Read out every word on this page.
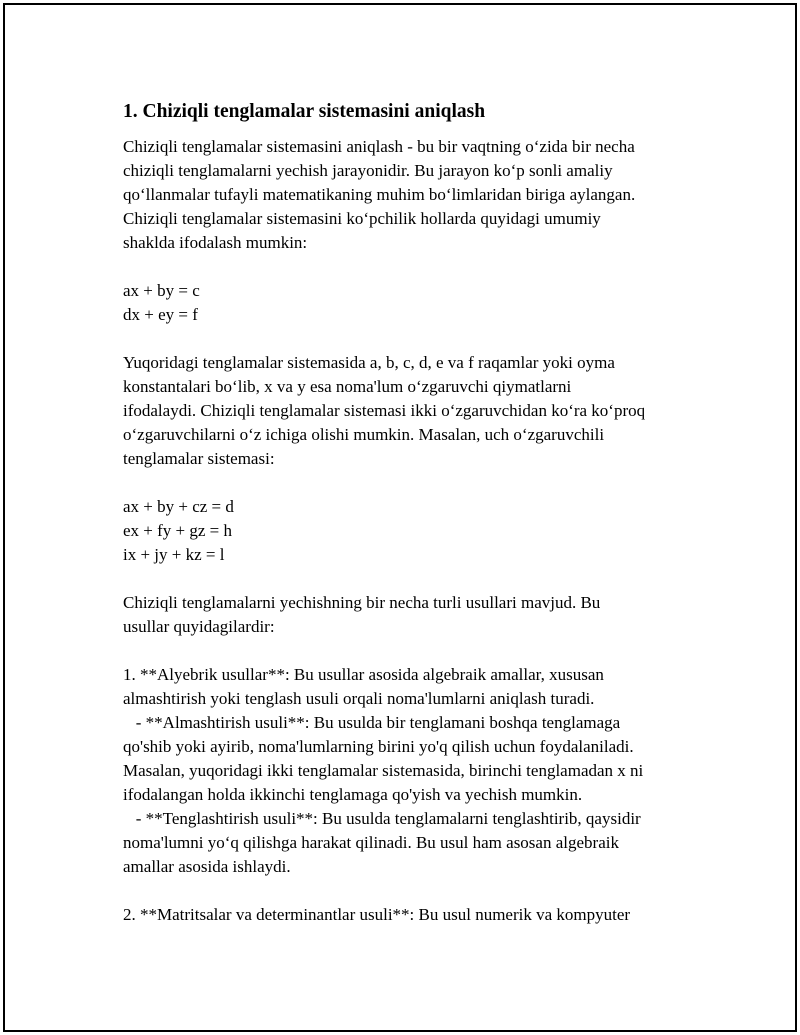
1. Chiziqli tenglamalar sistemasini aniqlash
Chiziqli tenglamalar sistemasini aniqlash - bu bir vaqtning o‘zida bir necha
chiziqli tenglamalarni yechish jarayonidir. Bu jarayon ko‘p sonli amaliy
qo‘llanmalar tufayli matematikaning muhim bo‘limlaridan biriga aylangan.
Chiziqli tenglamalar sistemasini ko‘pchilik hollarda quyidagi umumiy
shaklda ifodalash mumkin:
ax + by = c
dx + ey = f
Yuqoridagi tenglamalar sistemasida a, b, c, d, e va f raqamlar yoki oyma
konstantalari bo‘lib, x va y esa noma'lum o‘zgaruvchi qiymatlarni
ifodalaydi. Chiziqli tenglamalar sistemasi ikki o‘zgaruvchidan ko‘ra ko‘proq
o‘zgaruvchilarni o‘z ichiga olishi mumkin. Masalan, uch o‘zgaruvchili
tenglamalar sistemasi:
ax + by + cz = d
ex + fy + gz = h
ix + jy + kz = l
Chiziqli tenglamalarni yechishning bir necha turli usullari mavjud. Bu
usullar quyidagilardir:
1. **Alyebrik usullar**: Bu usullar asosida algebraik amallar, xususan
almashtirish yoki tenglash usuli orqali noma'lumlarni aniqlash turadi.
- **Almashtirish usuli**: Bu usulda bir tenglamani boshqa tenglamaga
qo'shib yoki ayirib, noma'lumlarning birini yo'q qilish uchun foydalaniladi.
Masalan, yuqoridagi ikki tenglamalar sistemasida, birinchi tenglamadan x ni
ifodalangan holda ikkinchi tenglamaga qo'yish va yechish mumkin.
- **Tenglashtirish usuli**: Bu usulda tenglamalarni tenglashtirib, qaysidir
noma'lumni yo‘q qilishga harakat qilinadi. Bu usul ham asosan algebraik
amallar asosida ishlaydi.
2. **Matritsalar va determinantlar usuli**: Bu usul numerik va kompyuter
